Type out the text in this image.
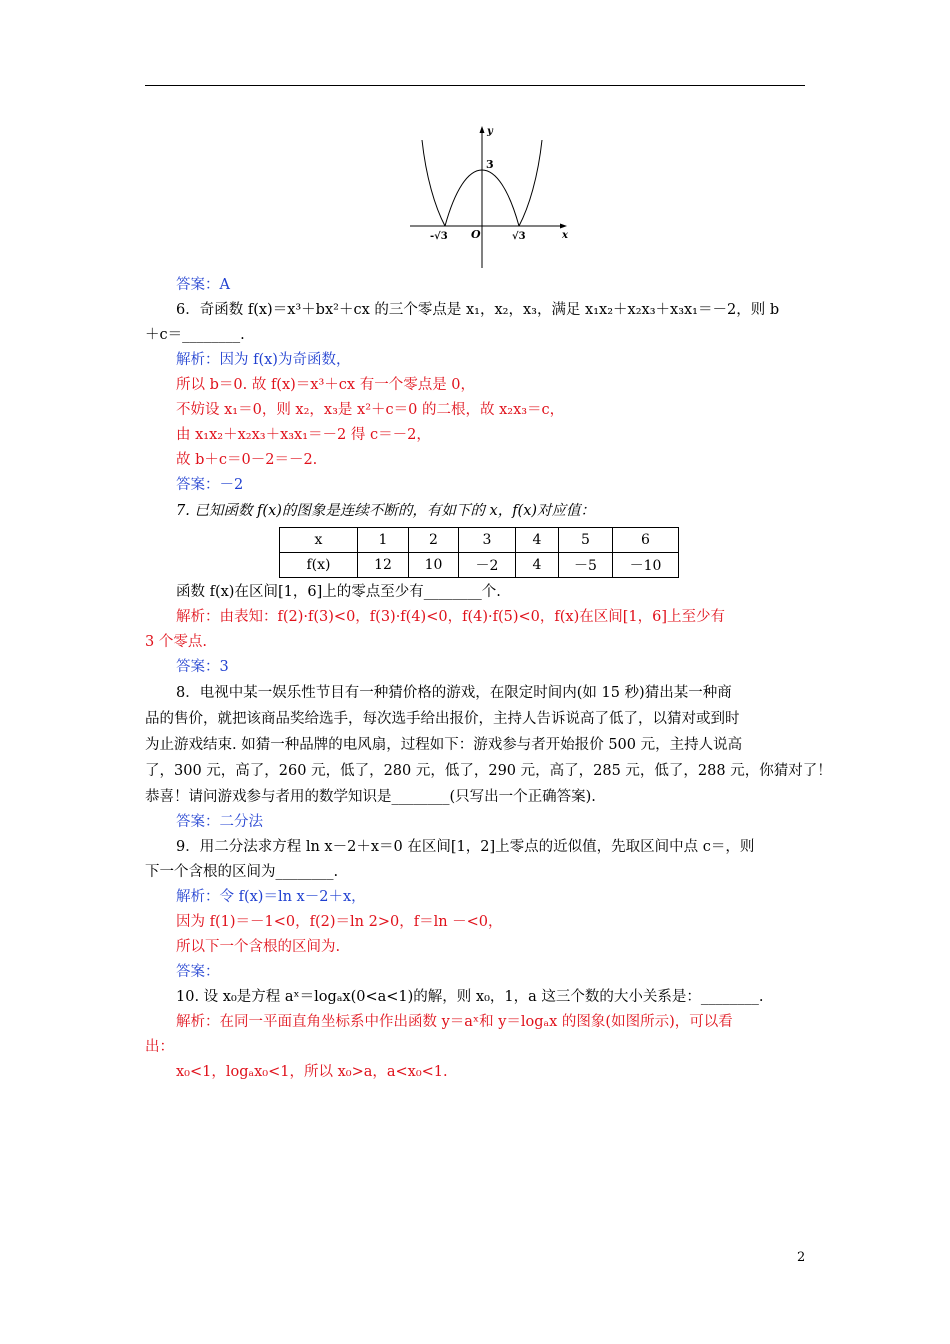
y
x
O
3
-√3	√3
答案：A
6．奇函数 f(x)＝x³＋bx²＋cx 的三个零点是 x₁，x₂，x₃，满足 x₁x₂＋x₂x₃＋x₃x₁＝－2，则 b
＋c＝________.
解析：因为 f(x)为奇函数，
所以 b＝0. 故 f(x)＝x³＋cx 有一个零点是 0，
不妨设 x₁＝0，则 x₂，x₃是 x²＋c＝0 的二根，故 x₂x₃＝c，
由 x₁x₂＋x₂x₃＋x₃x₁＝－2 得 c＝－2，
故 b＋c＝0－2＝－2.
答案：－2
7. 已知函数 f(x)的图象是连续不断的，有如下的 x，f(x)对应值：
x	1	2	3	4	5	6
f(x)	12	10	－2	4	－5	－10
函数 f(x)在区间[1，6]上的零点至少有________个.
解析：由表知：f(2)·f(3)<0，f(3)·f(4)<0，f(4)·f(5)<0，f(x)在区间[1，6]上至少有
3 个零点.
答案：3
8．电视中某一娱乐性节目有一种猜价格的游戏，在限定时间内(如 15 秒)猜出某一种商
品的售价，就把该商品奖给选手，每次选手给出报价，主持人告诉说高了低了，以猜对或到时
为止游戏结束. 如猜一种品牌的电风扇，过程如下：游戏参与者开始报价 500 元，主持人说高
了，300 元，高了，260 元，低了，280 元，低了，290 元，高了，285 元，低了，288 元，你猜对了！
恭喜！请问游戏参与者用的数学知识是________(只写出一个正确答案).
答案：二分法
9．用二分法求方程 ln x－2＋x＝0 在区间[1，2]上零点的近似值，先取区间中点 c＝，则
下一个含根的区间为________.
解析：令 f(x)＝ln x－2＋x，
因为 f(1)＝－1<0，f(2)＝ln 2>0，f＝ln －<0，
所以下一个含根的区间为.
答案：
10. 设 x₀是方程 aˣ＝logₐx(0<a<1)的解，则 x₀，1，a 这三个数的大小关系是：________.
解析：在同一平面直角坐标系中作出函数 y＝aˣ和 y＝logₐx 的图象(如图所示)，可以看
出：
x₀<1，logₐx₀<1，所以 x₀>a，a<x₀<1.
2
